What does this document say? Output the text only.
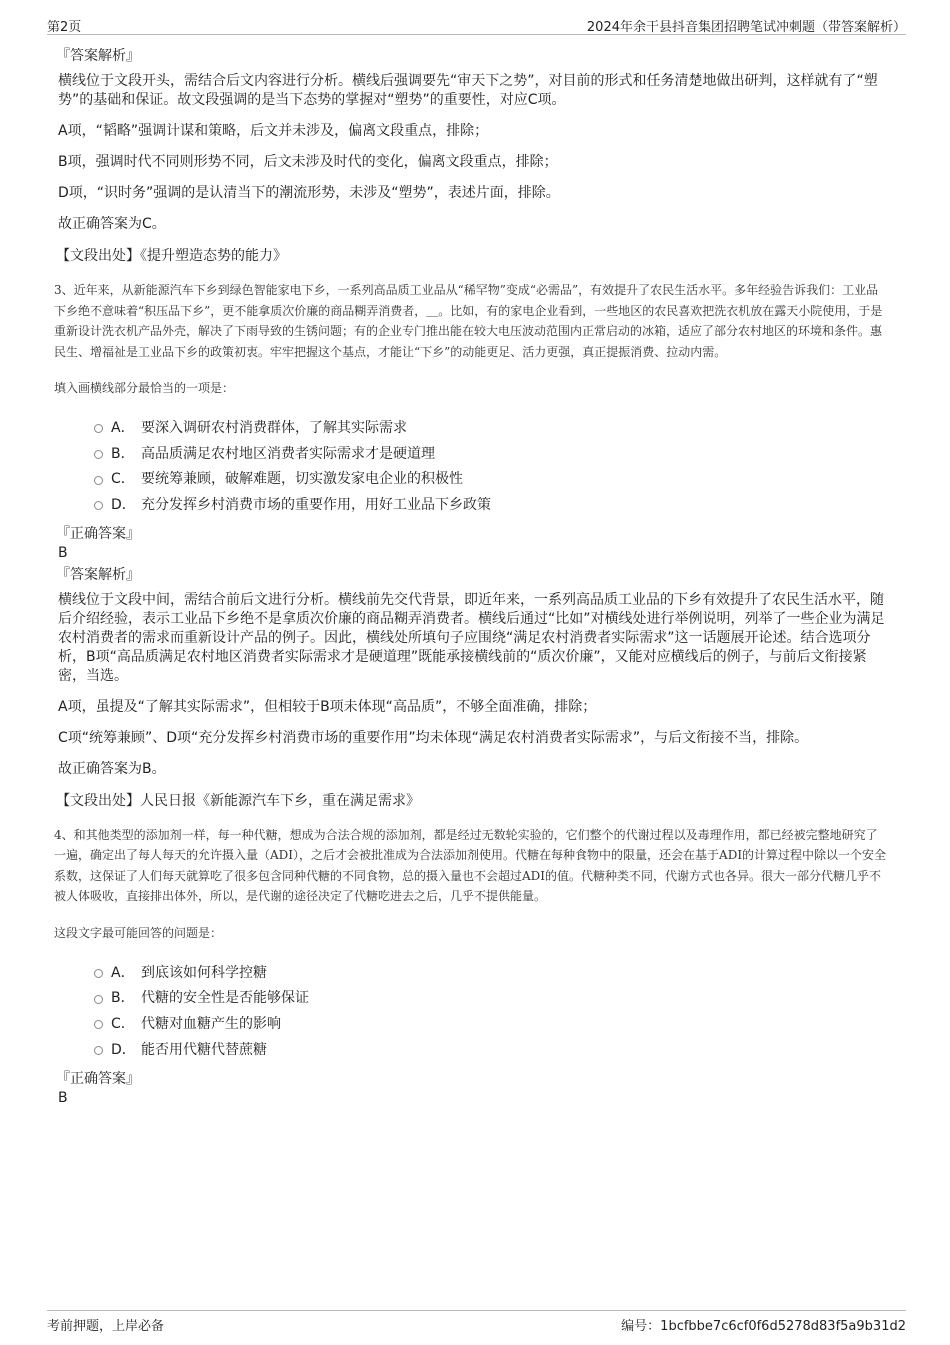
第2页	2024年余干县抖音集团招聘笔试冲刺题（带答案解析）
『答案解析』
横线位于文段开头，需结合后文内容进行分析。横线后强调要先“审天下之势”，对目前的形式和任务清楚地做出研判，这样就有了“塑势”的基础和保证。故文段强调的是当下态势的掌握对“塑势”的重要性，对应C项。
A项，“韬略”强调计谋和策略，后文并未涉及，偏离文段重点，排除；
B项，强调时代不同则形势不同，后文未涉及时代的变化，偏离文段重点，排除；
D项，“识时务”强调的是认清当下的潮流形势，未涉及“塑势”，表述片面，排除。
故正确答案为C。
【文段出处】《提升塑造态势的能力》
3、近年来，从新能源汽车下乡到绿色智能家电下乡，一系列高品质工业品从“稀罕物”变成“必需品”，有效提升了农民生活水平。多年经验告诉我们：工业品下乡绝不意味着“积压品下乡”，更不能拿质次价廉的商品糊弄消费者，＿。比如，有的家电企业看到，一些地区的农民喜欢把洗衣机放在露天小院使用，于是重新设计洗衣机产品外壳，解决了下雨导致的生锈问题；有的企业专门推出能在较大电压波动范围内正常启动的冰箱，适应了部分农村地区的环境和条件。惠民生、增福祉是工业品下乡的政策初衷。牢牢把握这个基点，才能让“下乡”的动能更足、活力更强，真正提振消费、拉动内需。
填入画横线部分最恰当的一项是：
A． 要深入调研农村消费群体，了解其实际需求
B． 高品质满足农村地区消费者实际需求才是硬道理
C． 要统筹兼顾，破解难题，切实激发家电企业的积极性
D． 充分发挥乡村消费市场的重要作用，用好工业品下乡政策
『正确答案』
B
『答案解析』
横线位于文段中间，需结合前后文进行分析。横线前先交代背景，即近年来，一系列高品质工业品的下乡有效提升了农民生活水平，随后介绍经验，表示工业品下乡绝不是拿质次价廉的商品糊弄消费者。横线后通过“比如”对横线处进行举例说明，列举了一些企业为满足农村消费者的需求而重新设计产品的例子。因此，横线处所填句子应围绕“满足农村消费者实际需求”这一话题展开论述。结合选项分析，B项“高品质满足农村地区消费者实际需求才是硬道理”既能承接横线前的“质次价廉”，又能对应横线后的例子，与前后文衔接紧密，当选。
A项，虽提及“了解其实际需求”，但相较于B项未体现“高品质”，不够全面准确，排除；
C项“统筹兼顾”、D项“充分发挥乡村消费市场的重要作用”均未体现“满足农村消费者实际需求”，与后文衔接不当，排除。
故正确答案为B。
【文段出处】人民日报《新能源汽车下乡，重在满足需求》
4、和其他类型的添加剂一样，每一种代糖，想成为合法合规的添加剂，都是经过无数轮实验的，它们整个的代谢过程以及毒理作用，都已经被完整地研究了一遍，确定出了每人每天的允许摄入量（ADI），之后才会被批准成为合法添加剂使用。代糖在每种食物中的限量，还会在基于ADI的计算过程中除以一个安全系数，这保证了人们每天就算吃了很多包含同种代糖的不同食物，总的摄入量也不会超过ADI的值。代糖种类不同，代谢方式也各异。很大一部分代糖几乎不被人体吸收，直接排出体外，所以，是代谢的途径决定了代糖吃进去之后，几乎不提供能量。
这段文字最可能回答的问题是：
A． 到底该如何科学控糖
B． 代糖的安全性是否能够保证
C． 代糖对血糖产生的影响
D． 能否用代糖代替蔗糖
『正确答案』
B
考前押题，上岸必备	编号：1bcfbbe7c6cf0f6d5278d83f5a9b31d2
